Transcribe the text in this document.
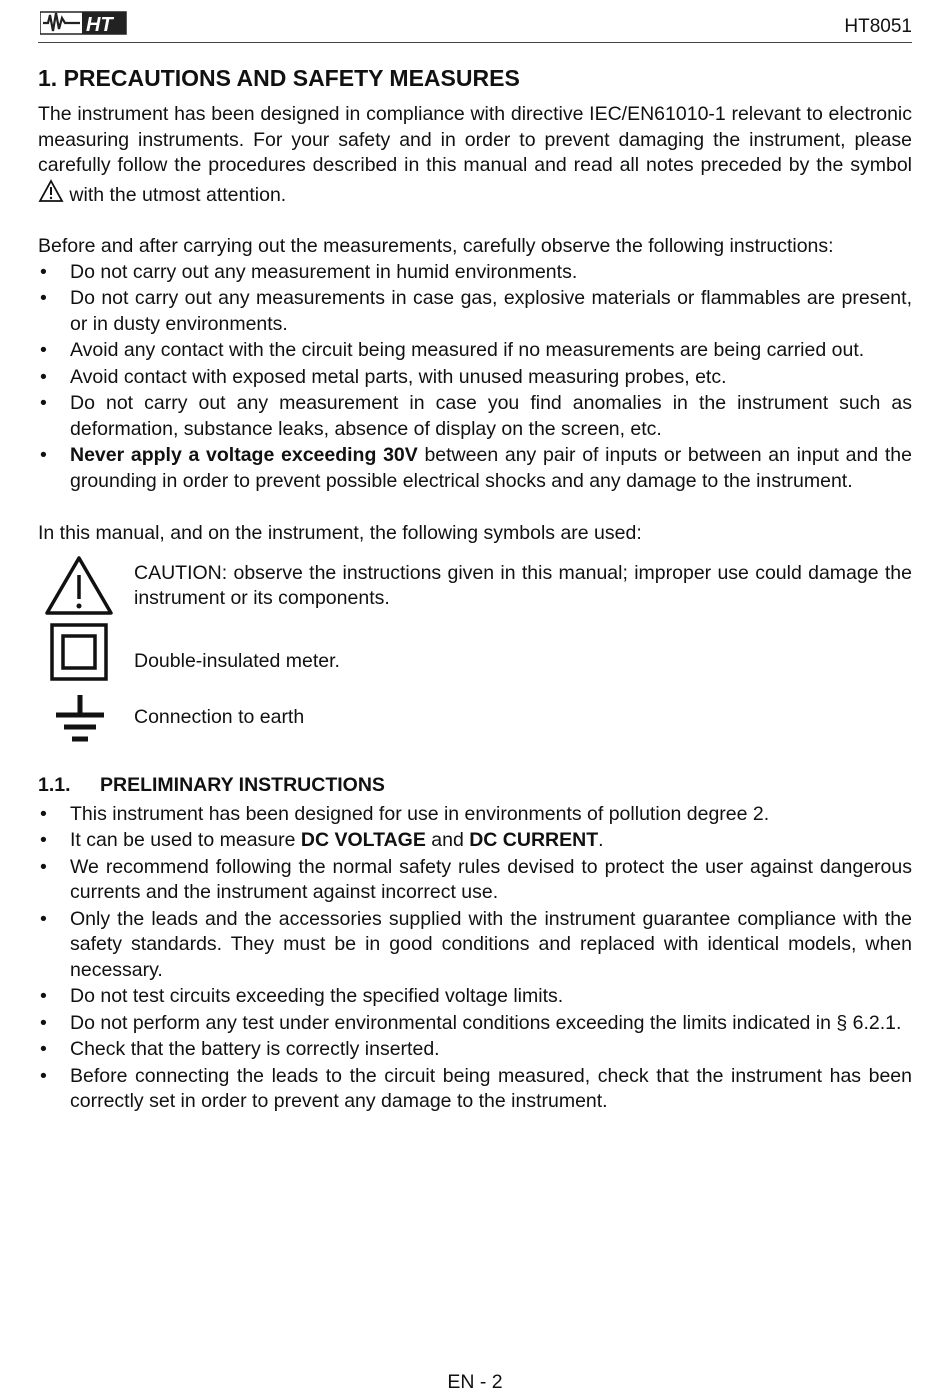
HT	HT8051
1. PRECAUTIONS AND SAFETY MEASURES

The instrument has been designed in compliance with directive IEC/EN61010-1 relevant to electronic measuring instruments. For your safety and in order to prevent damaging the instrument, please carefully follow the procedures described in this manual and read all notes preceded by the symbol  with the utmost attention.

Before and after carrying out the measurements, carefully observe the following instructions:

• Do not carry out any measurement in humid environments.
• Do not carry out any measurements in case gas, explosive materials or flammables are present, or in dusty environments.
• Avoid any contact with the circuit being measured if no measurements are being carried out.
• Avoid contact with exposed metal parts, with unused measuring probes, etc.
• Do not carry out any measurement in case you find anomalies in the instrument such as deformation, substance leaks, absence of display on the screen, etc.
• Never apply a voltage exceeding 30V between any pair of inputs or between an input and the grounding in order to prevent possible electrical shocks and any damage to the instrument.

In this manual, and on the instrument, the following symbols are used:

CAUTION: observe the instructions given in this manual; improper use could damage the instrument or its components.
Double-insulated meter.
Connection to earth
1.1. PRELIMINARY INSTRUCTIONS
• This instrument has been designed for use in environments of pollution degree 2.
• It can be used to measure DC VOLTAGE and DC CURRENT.
• We recommend following the normal safety rules devised to protect the user against dangerous currents and the instrument against incorrect use.
• Only the leads and the accessories supplied with the instrument guarantee compliance with the safety standards. They must be in good conditions and replaced with identical models, when necessary.
• Do not test circuits exceeding the specified voltage limits.
• Do not perform any test under environmental conditions exceeding the limits indicated in § 6.2.1.
• Check that the battery is correctly inserted.
• Before connecting the leads to the circuit being measured, check that the instrument has been correctly set in order to prevent any damage to the instrument.
EN - 2
